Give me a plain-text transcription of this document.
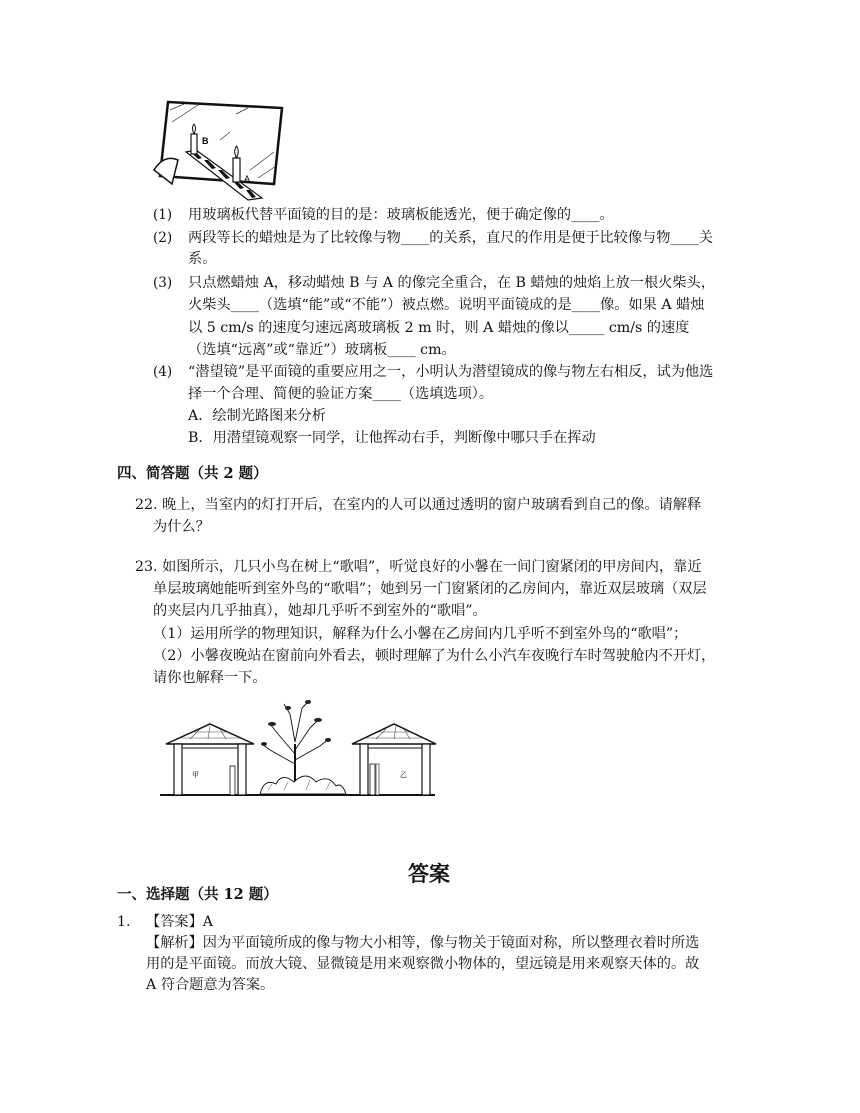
B
A
(1) 用玻璃板代替平面镜的目的是：玻璃板能透光，便于确定像的____。
(2) 两段等长的蜡烛是为了比较像与物____的关系，直尺的作用是便于比较像与物____关
系。
(3) 只点燃蜡烛 A，移动蜡烛 B 与 A 的像完全重合，在 B 蜡烛的烛焰上放一根火柴头，
火柴头____（选填“能”或“不能”）被点燃。说明平面镜成的是____像。如果 A 蜡烛
以 5 cm/s 的速度匀速远离玻璃板 2 m 时，则 A 蜡烛的像以_____ cm/s 的速度
（选填“远离”或“靠近”）玻璃板____ cm。
(4) “潜望镜”是平面镜的重要应用之一，小明认为潜望镜成的像与物左右相反，试为他选
择一个合理、简便的验证方案____（选填选项）。
A．绘制光路图来分析
B．用潜望镜观察一同学，让他挥动右手，判断像中哪只手在挥动
四、简答题（共 2 题）
22. 晚上，当室内的灯打开后，在室内的人可以通过透明的窗户玻璃看到自己的像。请解释
为什么？
23. 如图所示，几只小鸟在树上“歌唱”，听觉良好的小馨在一间门窗紧闭的甲房间内，靠近
单层玻璃她能听到室外鸟的“歌唱”；她到另一门窗紧闭的乙房间内，靠近双层玻璃（双层
的夹层内几乎抽真），她却几乎听不到室外的“歌唱”。
（1）运用所学的物理知识，解释为什么小馨在乙房间内几乎听不到室外鸟的“歌唱”；
（2）小馨夜晚站在窗前向外看去，顿时理解了为什么小汽车夜晚行车时驾驶舱内不开灯，
请你也解释一下。
甲	乙
答案
一、选择题（共 12 题）
1. 【答案】A
【解析】因为平面镜所成的像与物大小相等，像与物关于镜面对称，所以整理衣着时所选
用的是平面镜。而放大镜、显微镜是用来观察微小物体的，望远镜是用来观察天体的。故
A 符合题意为答案。
